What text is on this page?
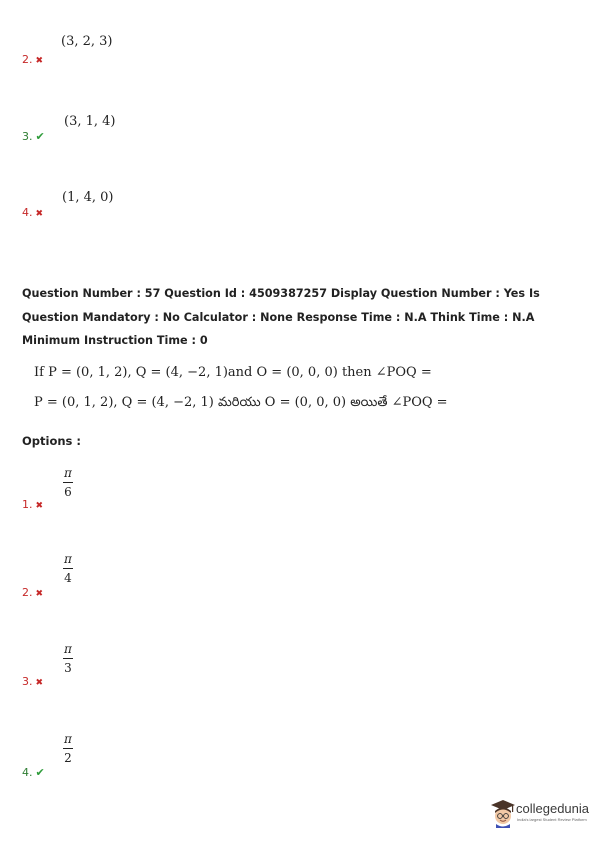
(3, 2, 3)
2. ✖
(3, 1, 4)
3. ✔
(1, 4, 0)
4. ✖
Question Number : 57 Question Id : 4509387257 Display Question Number : Yes Is Question Mandatory : No Calculator : None Response Time : N.A Think Time : N.A Minimum Instruction Time : 0
If P = (0, 1, 2), Q = (4, −2, 1)and O = (0, 0, 0) then ∠POQ =
P = (0, 1, 2), Q = (4, −2, 1) మరియు O = (0, 0, 0) అయితే ∠POQ =
Options :
π
6
1. ✖
π
4
2. ✖
π
3
3. ✖
π
2
4. ✔
collegedunia
India's largest Student Review Platform
